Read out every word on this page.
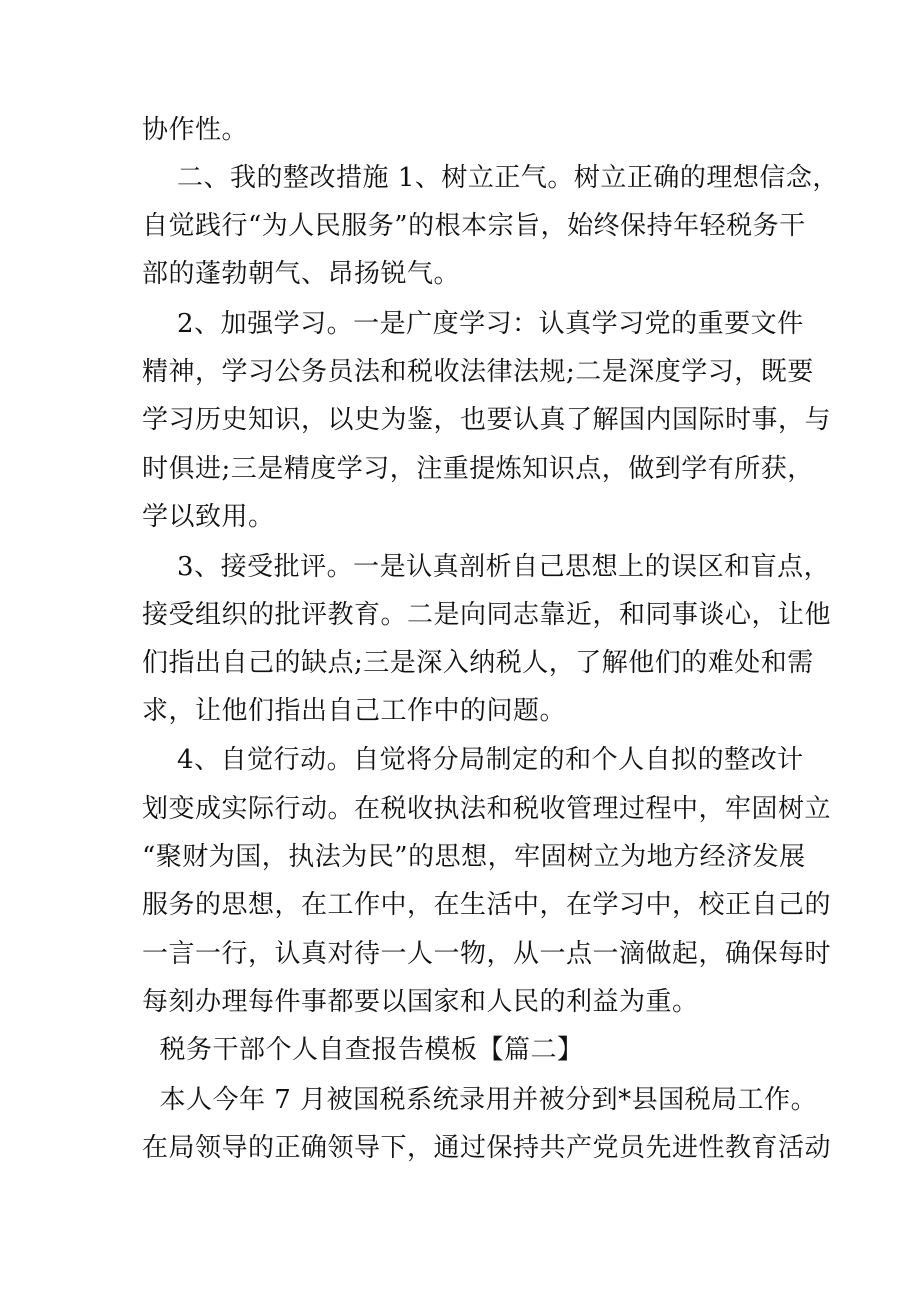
协作性。
二、我的整改措施 1、树立正气。树立正确的理想信念，
自觉践行“为人民服务”的根本宗旨，始终保持年轻税务干
部的蓬勃朝气、昂扬锐气。
2、加强学习。一是广度学习：认真学习党的重要文件
精神，学习公务员法和税收法律法规;二是深度学习，既要
学习历史知识，以史为鉴，也要认真了解国内国际时事，与
时俱进;三是精度学习，注重提炼知识点，做到学有所获，
学以致用。
3、接受批评。一是认真剖析自己思想上的误区和盲点，
接受组织的批评教育。二是向同志靠近，和同事谈心，让他
们指出自己的缺点;三是深入纳税人，了解他们的难处和需
求，让他们指出自己工作中的问题。
4、自觉行动。自觉将分局制定的和个人自拟的整改计
划变成实际行动。在税收执法和税收管理过程中，牢固树立
“聚财为国，执法为民”的思想，牢固树立为地方经济发展
服务的思想，在工作中，在生活中，在学习中，校正自己的
一言一行，认真对待一人一物，从一点一滴做起，确保每时
每刻办理每件事都要以国家和人民的利益为重。
税务干部个人自查报告模板【篇二】
本人今年 7 月被国税系统录用并被分到*县国税局工作。
在局领导的正确领导下，通过保持共产党员先进性教育活动
